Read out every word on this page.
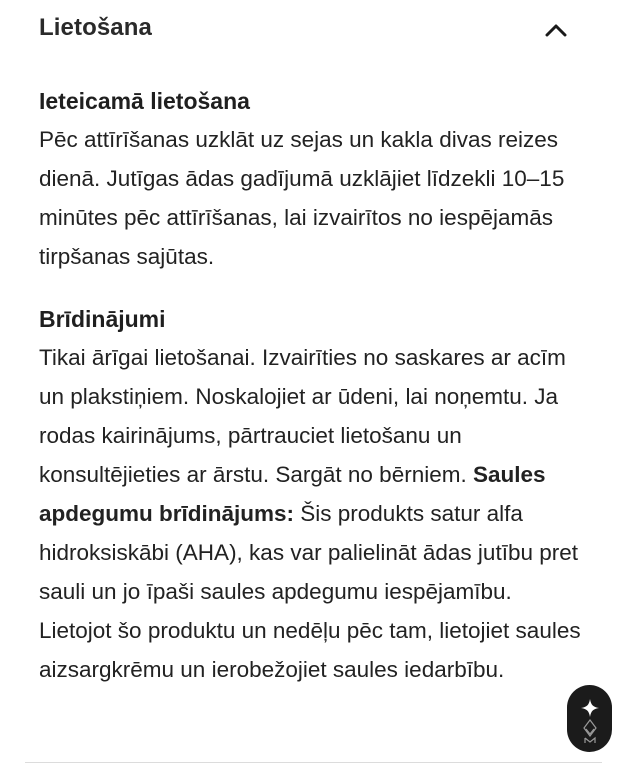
Lietošana
Ieteicamā lietošana

Pēc attīrīšanas uzklāt uz sejas un kakla divas reizes dienā. Jutīgas ādas gadījumā uzklājiet līdzekli 10–15 minūtes pēc attīrīšanas, lai izvairītos no iespējamās tirpšanas sajūtas.

Brīdinājumi

Tikai ārīgai lietošanai. Izvairīties no saskares ar acīm un plakstiņiem. Noskalojiet ar ūdeni, lai noņemtu. Ja rodas kairinājums, pārtrauciet lietošanu un konsultējieties ar ārstu. Sargāt no bērniem. Saules apdegumu brīdinājums: Šis produkts satur alfa hidroksiskābi (AHA), kas var palielināt ādas jutību pret sauli un jo īpaši saules apdegumu iespējamību. Lietojot šo produktu un nedēļu pēc tam, lietojiet saules aizsargkrēmu un ierobežojiet saules iedarbību.
